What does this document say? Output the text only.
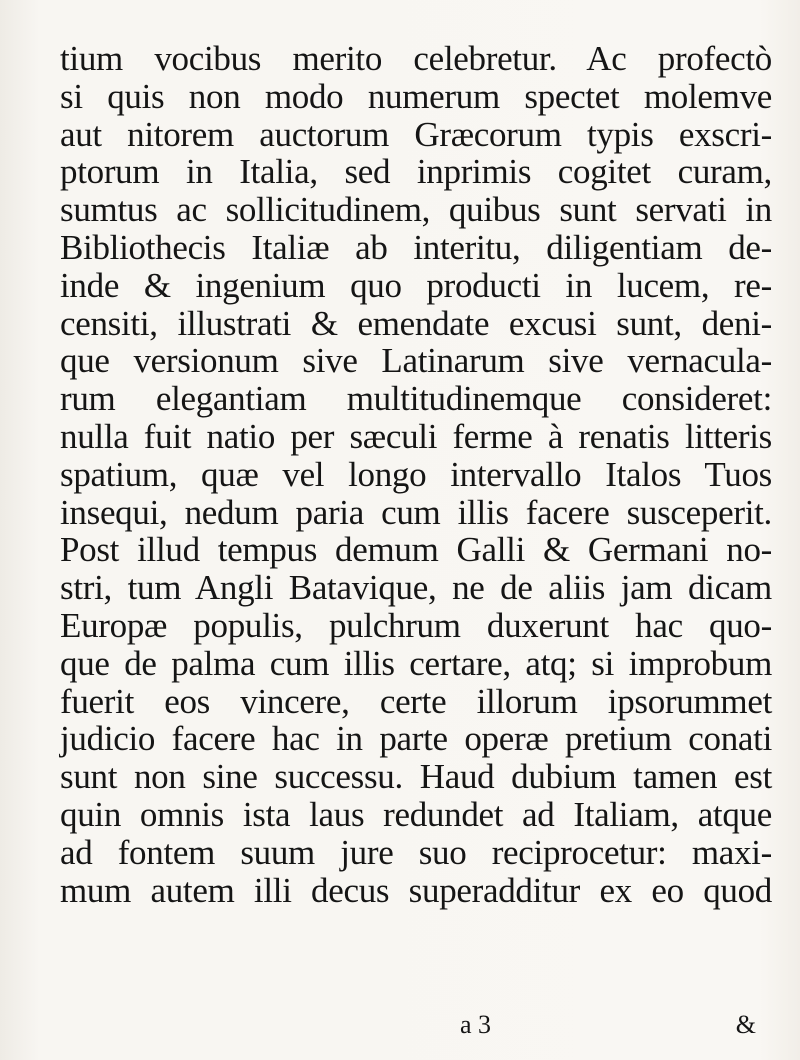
tium vocibus merito celebretur. Ac profectò
si quis non modo numerum spectet molemve
aut nitorem auctorum Græcorum typis exscri-
ptorum in Italia, sed inprimis cogitet curam,
sumtus ac sollicitudinem, quibus sunt servati in
Bibliothecis Italiæ ab interitu, diligentiam de-
inde & ingenium quo producti in lucem, re-
censiti, illustrati & emendate excusi sunt, deni-
que versionum sive Latinarum sive vernacula-
rum elegantiam multitudinemque consideret:
nulla fuit natio per sæculi ferme à renatis litteris
spatium, quæ vel longo intervallo Italos Tuos
insequi, nedum paria cum illis facere susceperit.
Post illud tempus demum Galli & Germani no-
stri, tum Angli Batavique, ne de aliis jam dicam
Europæ populis, pulchrum duxerunt hac quo-
que de palma cum illis certare, atq; si improbum
fuerit eos vincere, certe illorum ipsorummet
judicio facere hac in parte operæ pretium conati
sunt non sine successu. Haud dubium tamen est
quin omnis ista laus redundet ad Italiam, atque
ad fontem suum jure suo reciprocetur: maxi-
mum autem illi decus superadditur ex eo quod
a 3	&
